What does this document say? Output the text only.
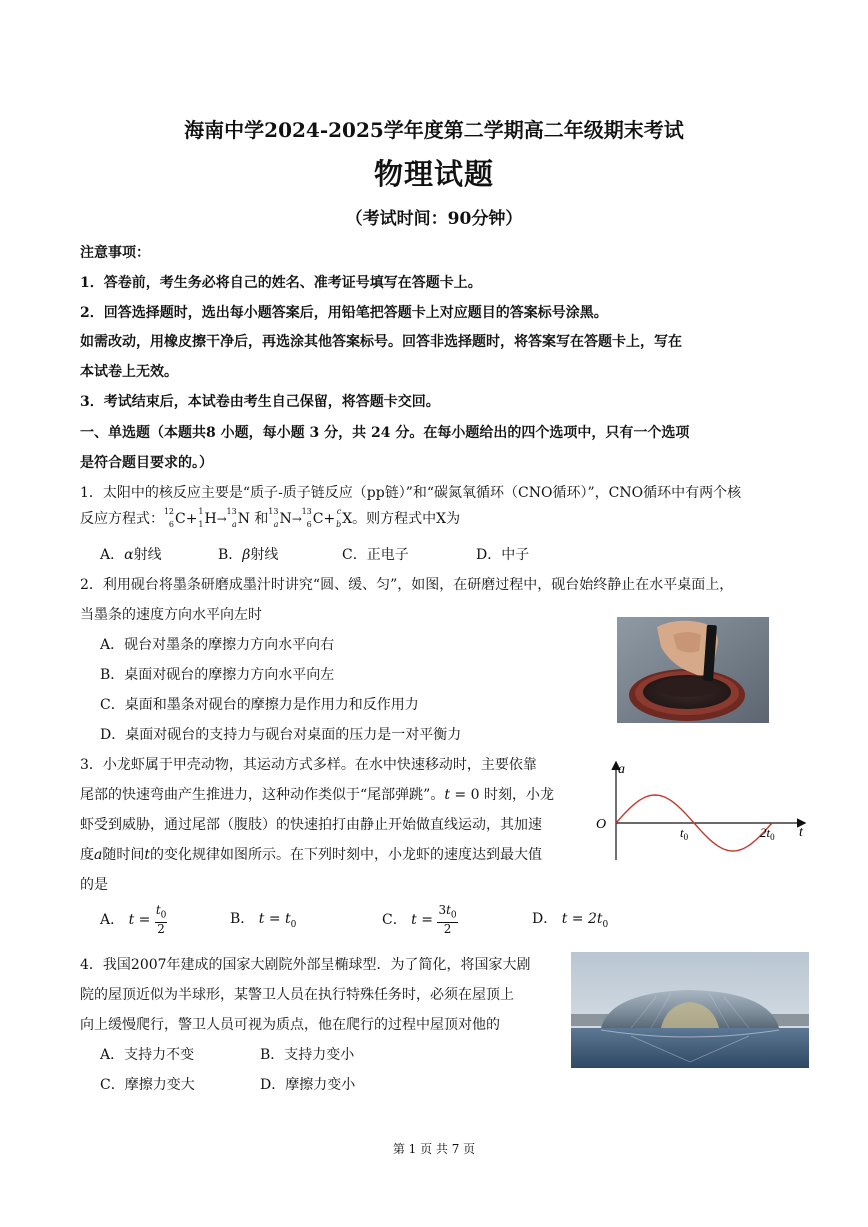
海南中学2024-2025学年度第二学期高二年级期末考试
物理试题
（考试时间：90分钟）
注意事项：
1．答卷前，考生务必将自己的姓名、准考证号填写在答题卡上。
2．回答选择题时，选出每小题答案后，用铅笔把答题卡上对应题目的答案标号涂黑。
如需改动，用橡皮擦干净后，再选涂其他答案标号。回答非选择题时，将答案写在答题卡上，写在
本试卷上无效。
3．考试结束后，本试卷由考生自己保留，将答题卡交回。
一、单选题（本题共8 小题，每小题 3 分，共 24 分。在每小题给出的四个选项中，只有一个选项
是符合题目要求的。）
1．太阳中的核反应主要是“质子-质子链反应（pp链）”和“碳氮氧循环（CNO循环）”，CNO循环中有两个核
反应方程式： 12
6 C+ 1
1 H→
13
a N 和 13
a N→
13
6 C+ c
b X。则方程式中X为
A．α射线	B．β射线	C．正电子	D．中子
2．利用砚台将墨条研磨成墨汁时讲究“圆、缓、匀”，如图，在研磨过程中，砚台始终静止在水平桌面上，
当墨条的速度方向水平向左时
A．砚台对墨条的摩擦力方向水平向右
B．桌面对砚台的摩擦力方向水平向左
C．桌面和墨条对砚台的摩擦力是作用力和反作用力
D．桌面对砚台的支持力与砚台对桌面的压力是一对平衡力
3．小龙虾属于甲壳动物，其运动方式多样。在水中快速移动时，主要依靠
尾部的快速弯曲产生推进力，这种动作类似于“尾部弹跳”。t = 0 时刻，小龙
虾受到威胁，通过尾部（腹肢）的快速拍打由静止开始做直线运动，其加速
度a随时间t的变化规律如图所示。在下列时刻中，小龙虾的速度达到最大值
的是
A． $t = \frac{t_0}{2}$	B． $t = t_0$	C． $t = \frac{3t_0}{2}$	D． $t = 2t_0$
a
t
O
$t_0$	$2t_0$
4．我国2007年建成的国家大剧院外部呈椭球型．为了简化，将国家大剧
院的屋顶近似为半球形，某警卫人员在执行特殊任务时，必须在屋顶上
向上缓慢爬行，警卫人员可视为质点，他在爬行的过程中屋顶对他的
A．支持力不变	B．支持力变小
C．摩擦力变大	D．摩擦力变小
第 1 页 共 7 页
